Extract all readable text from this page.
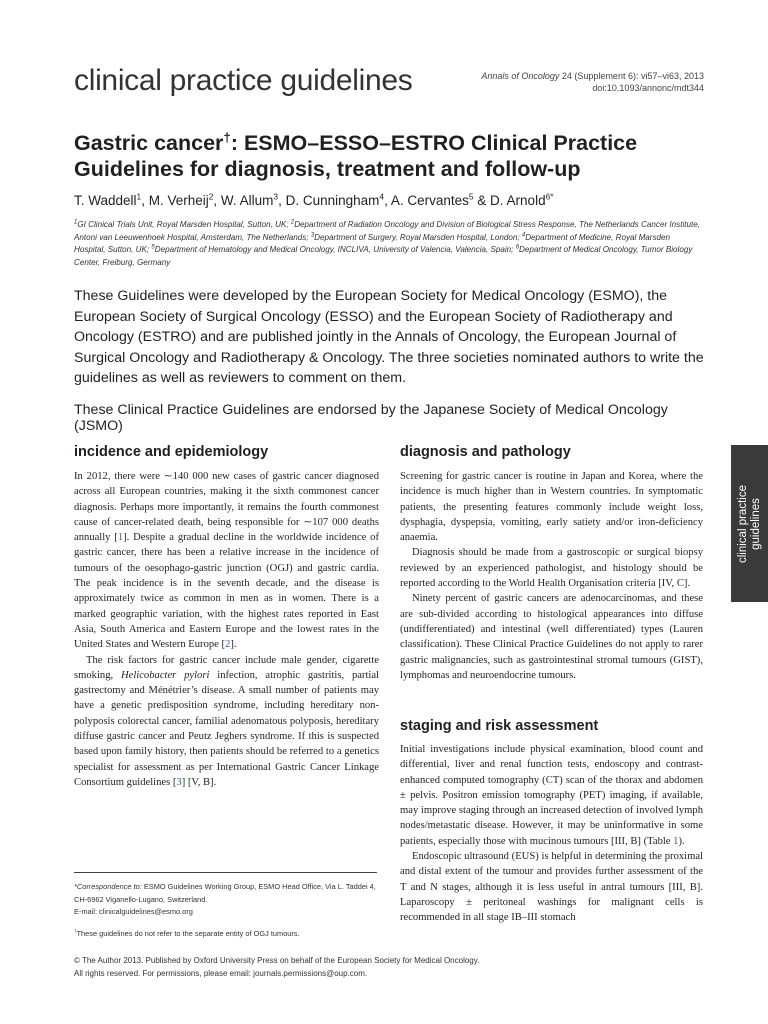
clinical practice guidelines	Annals of Oncology 24 (Supplement 6): vi57–vi63, 2013
doi:10.1093/annonc/mdt344
Gastric cancer†: ESMO–ESSO–ESTRO Clinical Practice Guidelines for diagnosis, treatment and follow-up
T. Waddell$^1$, M. Verheij$^2$, W. Allum$^3$, D. Cunningham$^4$, A. Cervantes$^5$ & D. Arnold$^{6*}$
$^1$GI Clinical Trials Unit, Royal Marsden Hospital, Sutton, UK; $^2$Department of Radiation Oncology and Division of Biological Stress Response, The Netherlands Cancer Institute, Antoni van Leeuwenhoek Hospital, Amsterdam, The Netherlands; $^3$Department of Surgery, Royal Marsden Hospital, London; $^4$Department of Medicine, Royal Marsden Hospital, Sutton, UK; $^5$Department of Hematology and Medical Oncology, INCLIVA, University of Valencia, Valencia, Spain; $^6$Department of Medical Oncology, Tumor Biology Center, Freiburg, Germany
These Guidelines were developed by the European Society for Medical Oncology (ESMO), the European Society of Surgical Oncology (ESSO) and the European Society of Radiotherapy and Oncology (ESTRO) and are published jointly in the Annals of Oncology, the European Journal of Surgical Oncology and Radiotherapy & Oncology. The three societies nominated authors to write the guidelines as well as reviewers to comment on them.
These Clinical Practice Guidelines are endorsed by the Japanese Society of Medical Oncology (JSMO)
incidence and epidemiology

In 2012, there were ∼140 000 new cases of gastric cancer diagnosed across all European countries, making it the sixth commonest cancer diagnosis. Perhaps more importantly, it remains the fourth commonest cause of cancer-related death, being responsible for ∼107 000 deaths annually [1]. Despite a gradual decline in the worldwide incidence of gastric cancer, there has been a relative increase in the incidence of tumours of the oesophago-gastric junction (OGJ) and gastric cardia. The peak incidence is in the seventh decade, and the disease is approximately twice as common in men as in women. There is a marked geographic variation, with the highest rates reported in East Asia, South America and Eastern Europe and the lowest rates in the United States and Western Europe [2].

The risk factors for gastric cancer include male gender, cigarette smoking, Helicobacter pylori infection, atrophic gastritis, partial gastrectomy and Ménétrier’s disease. A small number of patients may have a genetic predisposition syndrome, including hereditary non-polyposis colorectal cancer, familial adenomatous polyposis, hereditary diffuse gastric cancer and Peutz Jeghers syndrome. If this is suspected based upon family history, then patients should be referred to a genetics specialist for assessment as per International Gastric Cancer Linkage Consortium guidelines [3] [V, B].

*Correspondence to: ESMO Guidelines Working Group, ESMO Head Office, Via L. Taddei 4, CH-6962 Viganello-Lugano, Switzerland.
E-mail: clinicalguidelines@esmo.org
†These guidelines do not refer to the separate entity of OGJ tumours.
diagnosis and pathology

Screening for gastric cancer is routine in Japan and Korea, where the incidence is much higher than in Western countries. In symptomatic patients, the presenting features commonly include weight loss, dysphagia, dyspepsia, vomiting, early satiety and/or iron-deficiency anaemia.

Diagnosis should be made from a gastroscopic or surgical biopsy reviewed by an experienced pathologist, and histology should be reported according to the World Health Organisation criteria [IV, C].

Ninety percent of gastric cancers are adenocarcinomas, and these are sub-divided according to histological appearances into diffuse (undifferentiated) and intestinal (well differentiated) types (Lauren classification). These Clinical Practice Guidelines do not apply to rarer gastric malignancies, such as gastrointestinal stromal tumours (GIST), lymphomas and neuroendocrine tumours.

staging and risk assessment

Initial investigations include physical examination, blood count and differential, liver and renal function tests, endoscopy and contrast-enhanced computed tomography (CT) scan of the thorax and abdomen ± pelvis. Positron emission tomography (PET) imaging, if available, may improve staging through an increased detection of involved lymph nodes/metastatic disease. However, it may be uninformative in some patients, especially those with mucinous tumours [III, B] (Table 1).

Endoscopic ultrasound (EUS) is helpful in determining the proximal and distal extent of the tumour and provides further assessment of the T and N stages, although it is less useful in antral tumours [III, B]. Laparoscopy ± peritoneal washings for malignant cells is recommended in all stage IB–III stomach

clinical practice guidelines
© The Author 2013. Published by Oxford University Press on behalf of the European Society for Medical Oncology.
All rights reserved. For permissions, please email: journals.permissions@oup.com.
